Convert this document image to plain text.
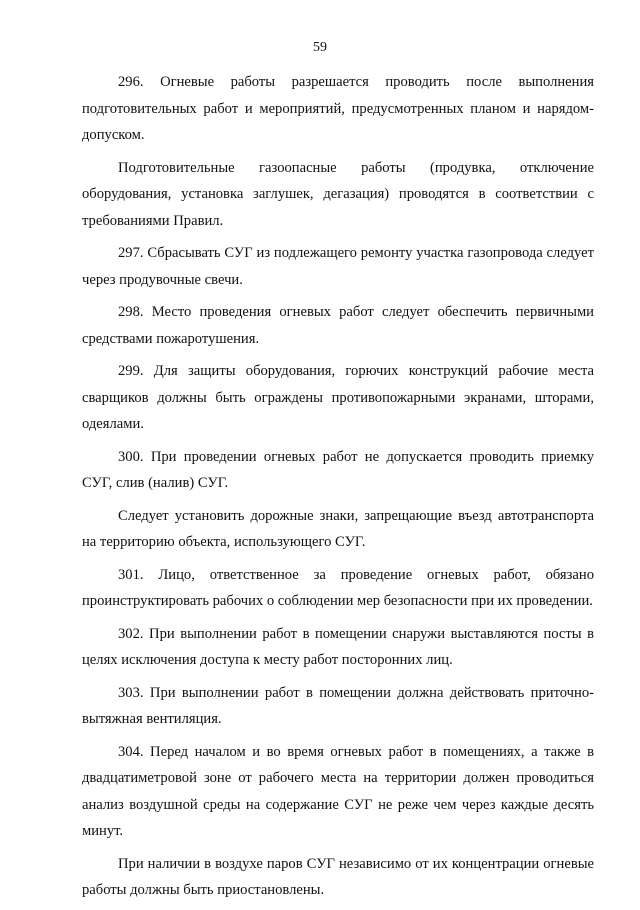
59

296. Огневые работы разрешается проводить после выполнения подготовительных работ и мероприятий, предусмотренных планом и нарядом-допуском.

Подготовительные газоопасные работы (продувка, отключение оборудования, установка заглушек, дегазация) проводятся в соответствии с требованиями Правил.

297. Сбрасывать СУГ из подлежащего ремонту участка газопровода следует через продувочные свечи.

298. Место проведения огневых работ следует обеспечить первичными средствами пожаротушения.

299. Для защиты оборудования, горючих конструкций рабочие места сварщиков должны быть ограждены противопожарными экранами, шторами, одеялами.

300. При проведении огневых работ не допускается проводить приемку СУГ, слив (налив) СУГ.

Следует установить дорожные знаки, запрещающие въезд автотранспорта на территорию объекта, использующего СУГ.

301. Лицо, ответственное за проведение огневых работ, обязано проинструктировать рабочих о соблюдении мер безопасности при их проведении.

302. При выполнении работ в помещении снаружи выставляются посты в целях исключения доступа к месту работ посторонних лиц.

303. При выполнении работ в помещении должна действовать приточно-вытяжная вентиляция.

304. Перед началом и во время огневых работ в помещениях, а также в двадцатиметровой зоне от рабочего места на территории должен проводиться анализ воздушной среды на содержание СУГ не реже чем через каждые десять минут.

При наличии в воздухе паров СУГ независимо от их концентрации огневые работы должны быть приостановлены.
